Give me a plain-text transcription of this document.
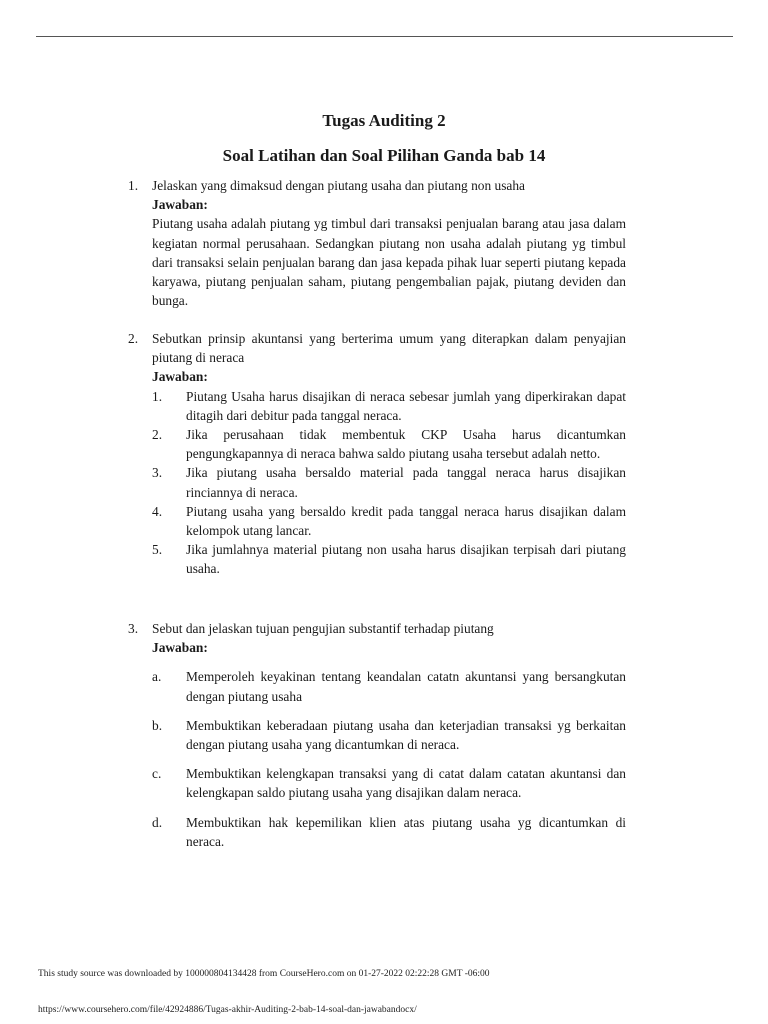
Tugas Auditing 2
Soal Latihan dan Soal Pilihan Ganda bab 14
1. Jelaskan yang dimaksud dengan piutang usaha dan piutang non usaha
Jawaban:
Piutang usaha adalah piutang yg timbul dari transaksi penjualan barang atau jasa dalam kegiatan normal perusahaan. Sedangkan piutang non usaha adalah piutang yg timbul dari transaksi selain penjualan barang dan jasa kepada pihak luar seperti piutang kepada karyawa, piutang penjualan saham, piutang pengembalian pajak, piutang deviden dan bunga.
2. Sebutkan prinsip akuntansi yang berterima umum yang diterapkan dalam penyajian piutang di neraca
Jawaban:
1. Piutang Usaha harus disajikan di neraca sebesar jumlah yang diperkirakan dapat ditagih dari debitur pada tanggal neraca.
2. Jika perusahaan tidak membentuk CKP Usaha harus dicantumkan pengungkapannya di neraca bahwa saldo piutang usaha tersebut adalah netto.
3. Jika piutang usaha bersaldo material pada tanggal neraca harus disajikan rinciannya di neraca.
4. Piutang usaha yang bersaldo kredit pada tanggal neraca harus disajikan dalam kelompok utang lancar.
5. Jika jumlahnya material piutang non usaha harus disajikan terpisah dari piutang usaha.
3. Sebut dan jelaskan tujuan pengujian substantif terhadap piutang
Jawaban:
a. Memperoleh keyakinan tentang keandalan catatn akuntansi yang bersangkutan dengan piutang usaha
b. Membuktikan keberadaan piutang usaha dan keterjadian transaksi yg berkaitan dengan piutang usaha yang dicantumkan di neraca.
c. Membuktikan kelengkapan transaksi yang di catat dalam catatan akuntansi dan kelengkapan saldo piutang usaha yang disajikan dalam neraca.
d. Membuktikan hak kepemilikan klien atas piutang usaha yg dicantumkan di neraca.
This study source was downloaded by 100000804134428 from CourseHero.com on 01-27-2022 02:22:28 GMT -06:00
https://www.coursehero.com/file/42924886/Tugas-akhir-Auditing-2-bab-14-soal-dan-jawabandocx/
